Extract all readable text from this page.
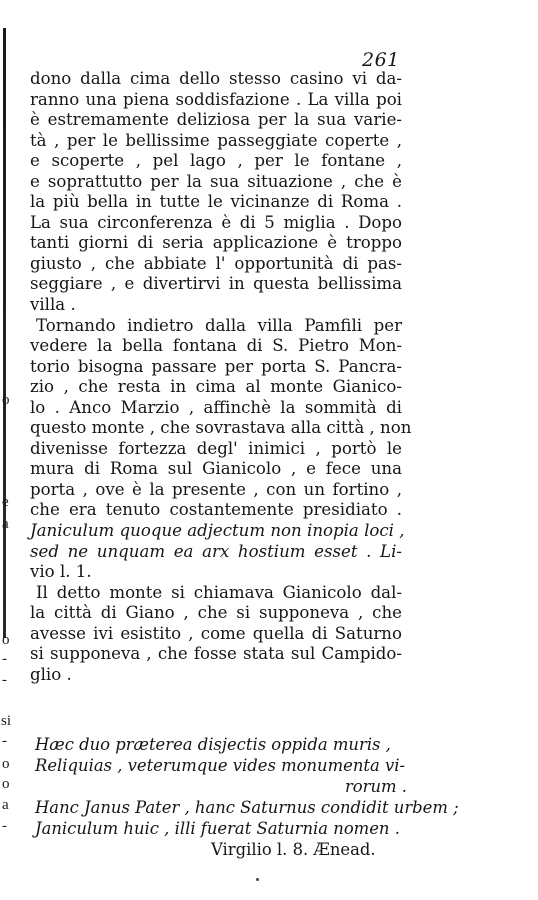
o
e
a
o
-
-
si
-
o
o
a
-
261
dono dalla cima dello stesso casino vi da-
ranno una piena soddisfazione . La villa poi
è estremamente deliziosa per la sua varie-
tà , per le bellissime passeggiate coperte ,
e scoperte , pel lago , per le fontane ,
e soprattutto per la sua situazione , che è
la più bella in tutte le vicinanze di Roma .
La sua circonferenza è di 5 miglia . Dopo
tanti giorni di seria applicazione è troppo
giusto , che abbiate l' opportunità di pas-
seggiare , e divertirvi in questa bellissima
villa .
Tornando indietro dalla villa Pamfili per
vedere la bella fontana di S. Pietro Mon-
torio bisogna passare per porta S. Pancra-
zio , che resta in cima al monte Gianico-
lo . Anco Marzio , affinchè la sommità di
questo monte , che sovrastava alla città , non
divenisse fortezza degl' inimici , portò le
mura di Roma sul Gianicolo , e fece una
porta , ove è la presente , con un fortino ,
che era tenuto costantemente presidiato .
Janiculum quoque adjectum non inopia loci ,
sed ne unquam ea arx hostium esset . Li-
vio l. 1.
Il detto monte si chiamava Gianicolo dal-
la città di Giano , che si supponeva , che
avesse ivi esistito , come quella di Saturno
si supponeva , che fosse stata sul Campido-
glio .
Hæc duo præterea disjectis oppida muris ,
Reliquias , veterumque vides monumenta vi-
rorum .
Hanc Janus Pater , hanc Saturnus condidit urbem ;
Janiculum huic , illi fuerat Saturnia nomen .
Virgilio l. 8. Ænead.
